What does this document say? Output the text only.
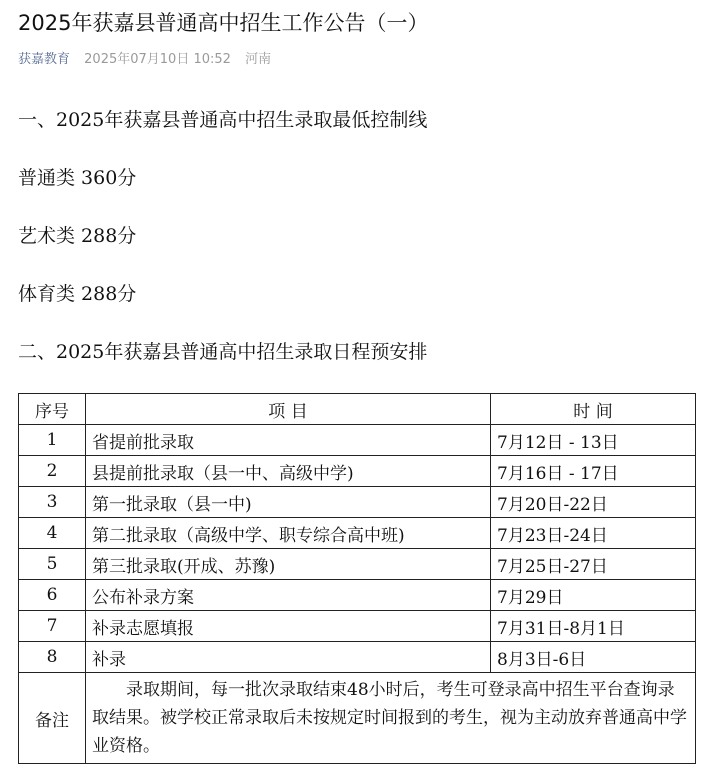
2025年获嘉县普通高中招生工作公告（一）
获嘉教育 2025年07月10日 10:52 河南
一、2025年获嘉县普通高中招生录取最低控制线
普通类 360分
艺术类 288分
体育类 288分
二、2025年获嘉县普通高中招生录取日程预安排
序号	项 目	时 间
1	省提前批录取	7月12日 - 13日
2	县提前批录取（县一中、高级中学)	7月16日 - 17日
3	第一批录取（县一中)	7月20日-22日
4	第二批录取（高级中学、职专综合高中班)	7月23日-24日
5	第三批录取(开成、苏豫)	7月25日-27日
6	公布补录方案	7月29日
7	补录志愿填报	7月31日-8月1日
8	补录	8月3日-6日
备注	录取期间，每一批次录取结束48小时后，考生可登录高中招生平台查询录取结果。被学校正常录取后未按规定时间报到的考生，视为主动放弃普通高中学业资格。	
